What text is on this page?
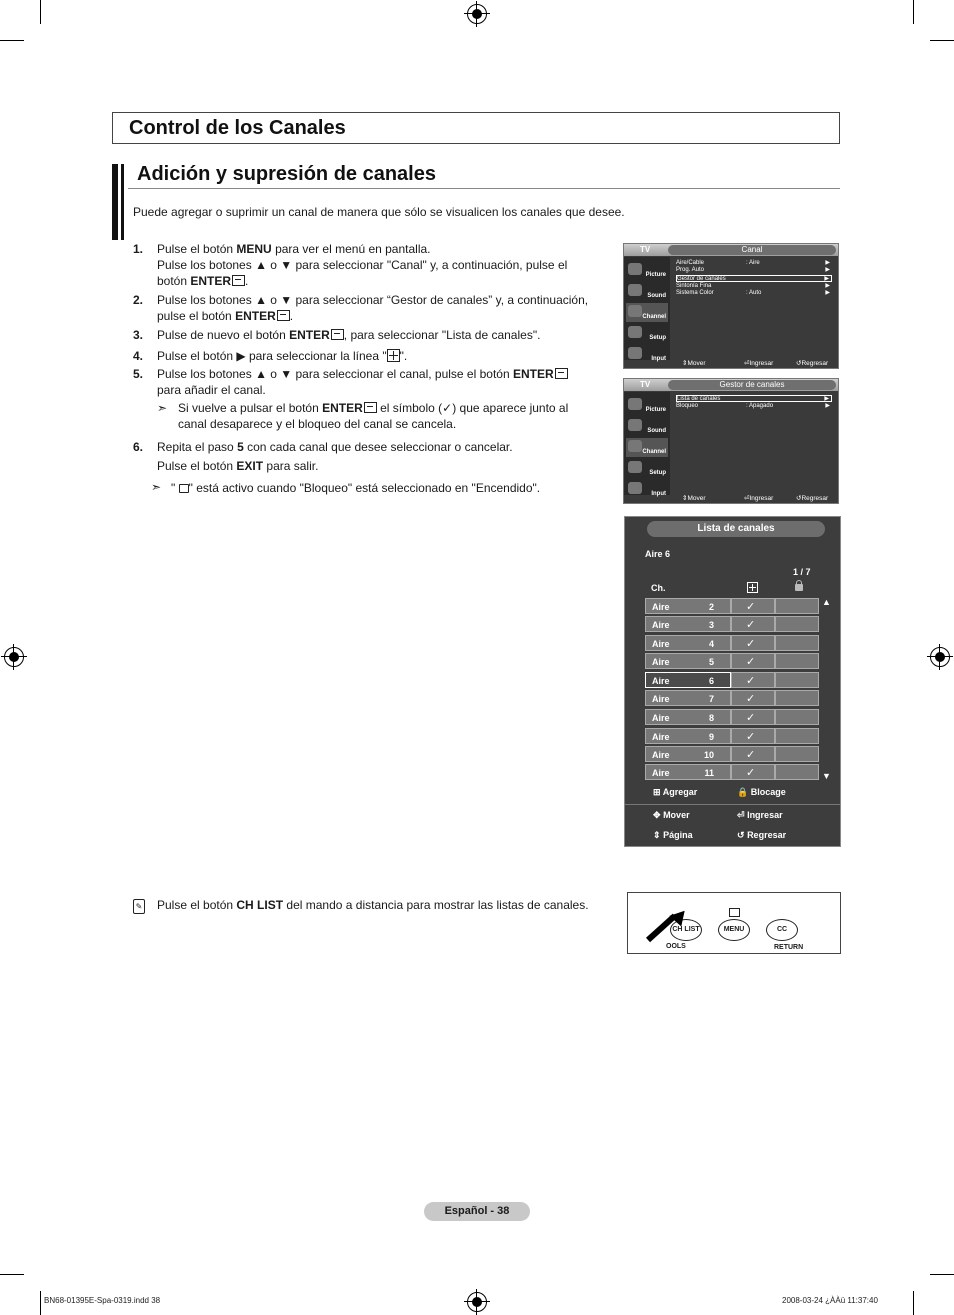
Control de los Canales
Adición y supresión de canales
Puede agregar o suprimir un canal de manera que sólo se visualicen los canales que desee.
1. Pulse el botón MENU para ver el menú en pantalla.
Pulse los botones ▲ o ▼ para seleccionar "Canal" y, a continuación, pulse el
botón ENTER .
2. Pulse los botones ▲ o ▼ para seleccionar “Gestor de canales” y, a continuación,
pulse el botón ENTER .
3. Pulse de nuevo el botón ENTER , para seleccionar "Lista de canales".
4. Pulse el botón ▶ para seleccionar la línea " ".
5. Pulse los botones ▲ o ▼ para seleccionar el canal, pulse el botón ENTER
para añadir el canal.
➣ Si vuelve a pulsar el botón ENTER el símbolo (✓) que aparece junto al
canal desaparece y el bloqueo del canal se cancela.
6. Repita el paso 5 con cada canal que desee seleccionar o cancelar.
Pulse el botón EXIT para salir.
➣ " " está activo cuando "Bloqueo" está seleccionado en "Encendido".
TV	Canal
Picture
Sound
Channel
Setup
Input
Aire/Cable	: Aire	▶
Prog. Auto	▶
Gestor de canales	▶
Sintonía Fina	▶
Sistema Color	: Auto	▶
⇕ Mover	⏎ Ingresar	↺ Regresar
TV	Gestor de canales
Picture
Sound
Channel
Setup
Input
Lista de canales	▶
Bloqueo	: Apagado	▶
⇕ Mover	⏎ Ingresar	↺ Regresar
Lista de canales
Aire 6
1 / 7
Ch.
Aire	2	✓
Aire	3	✓
Aire	4	✓
Aire	5	✓
Aire	6	✓
Aire	7	✓
Aire	8	✓
Aire	9	✓
Aire	10	✓
Aire	11	✓
▲
▼
⊞ Agregar	🔒 Blocage
✥ Mover	⏎ Ingresar
⇕ Página	↺ Regresar
✎ Pulse el botón CH LIST del mando a distancia para mostrar las listas de canales.
CH LIST	MENU	CC
OOLS	RETURN
Español - 38
BN68-01395E-Spa-0319.indd 38	2008-03-24 ¿ÀÀü 11:37:40
